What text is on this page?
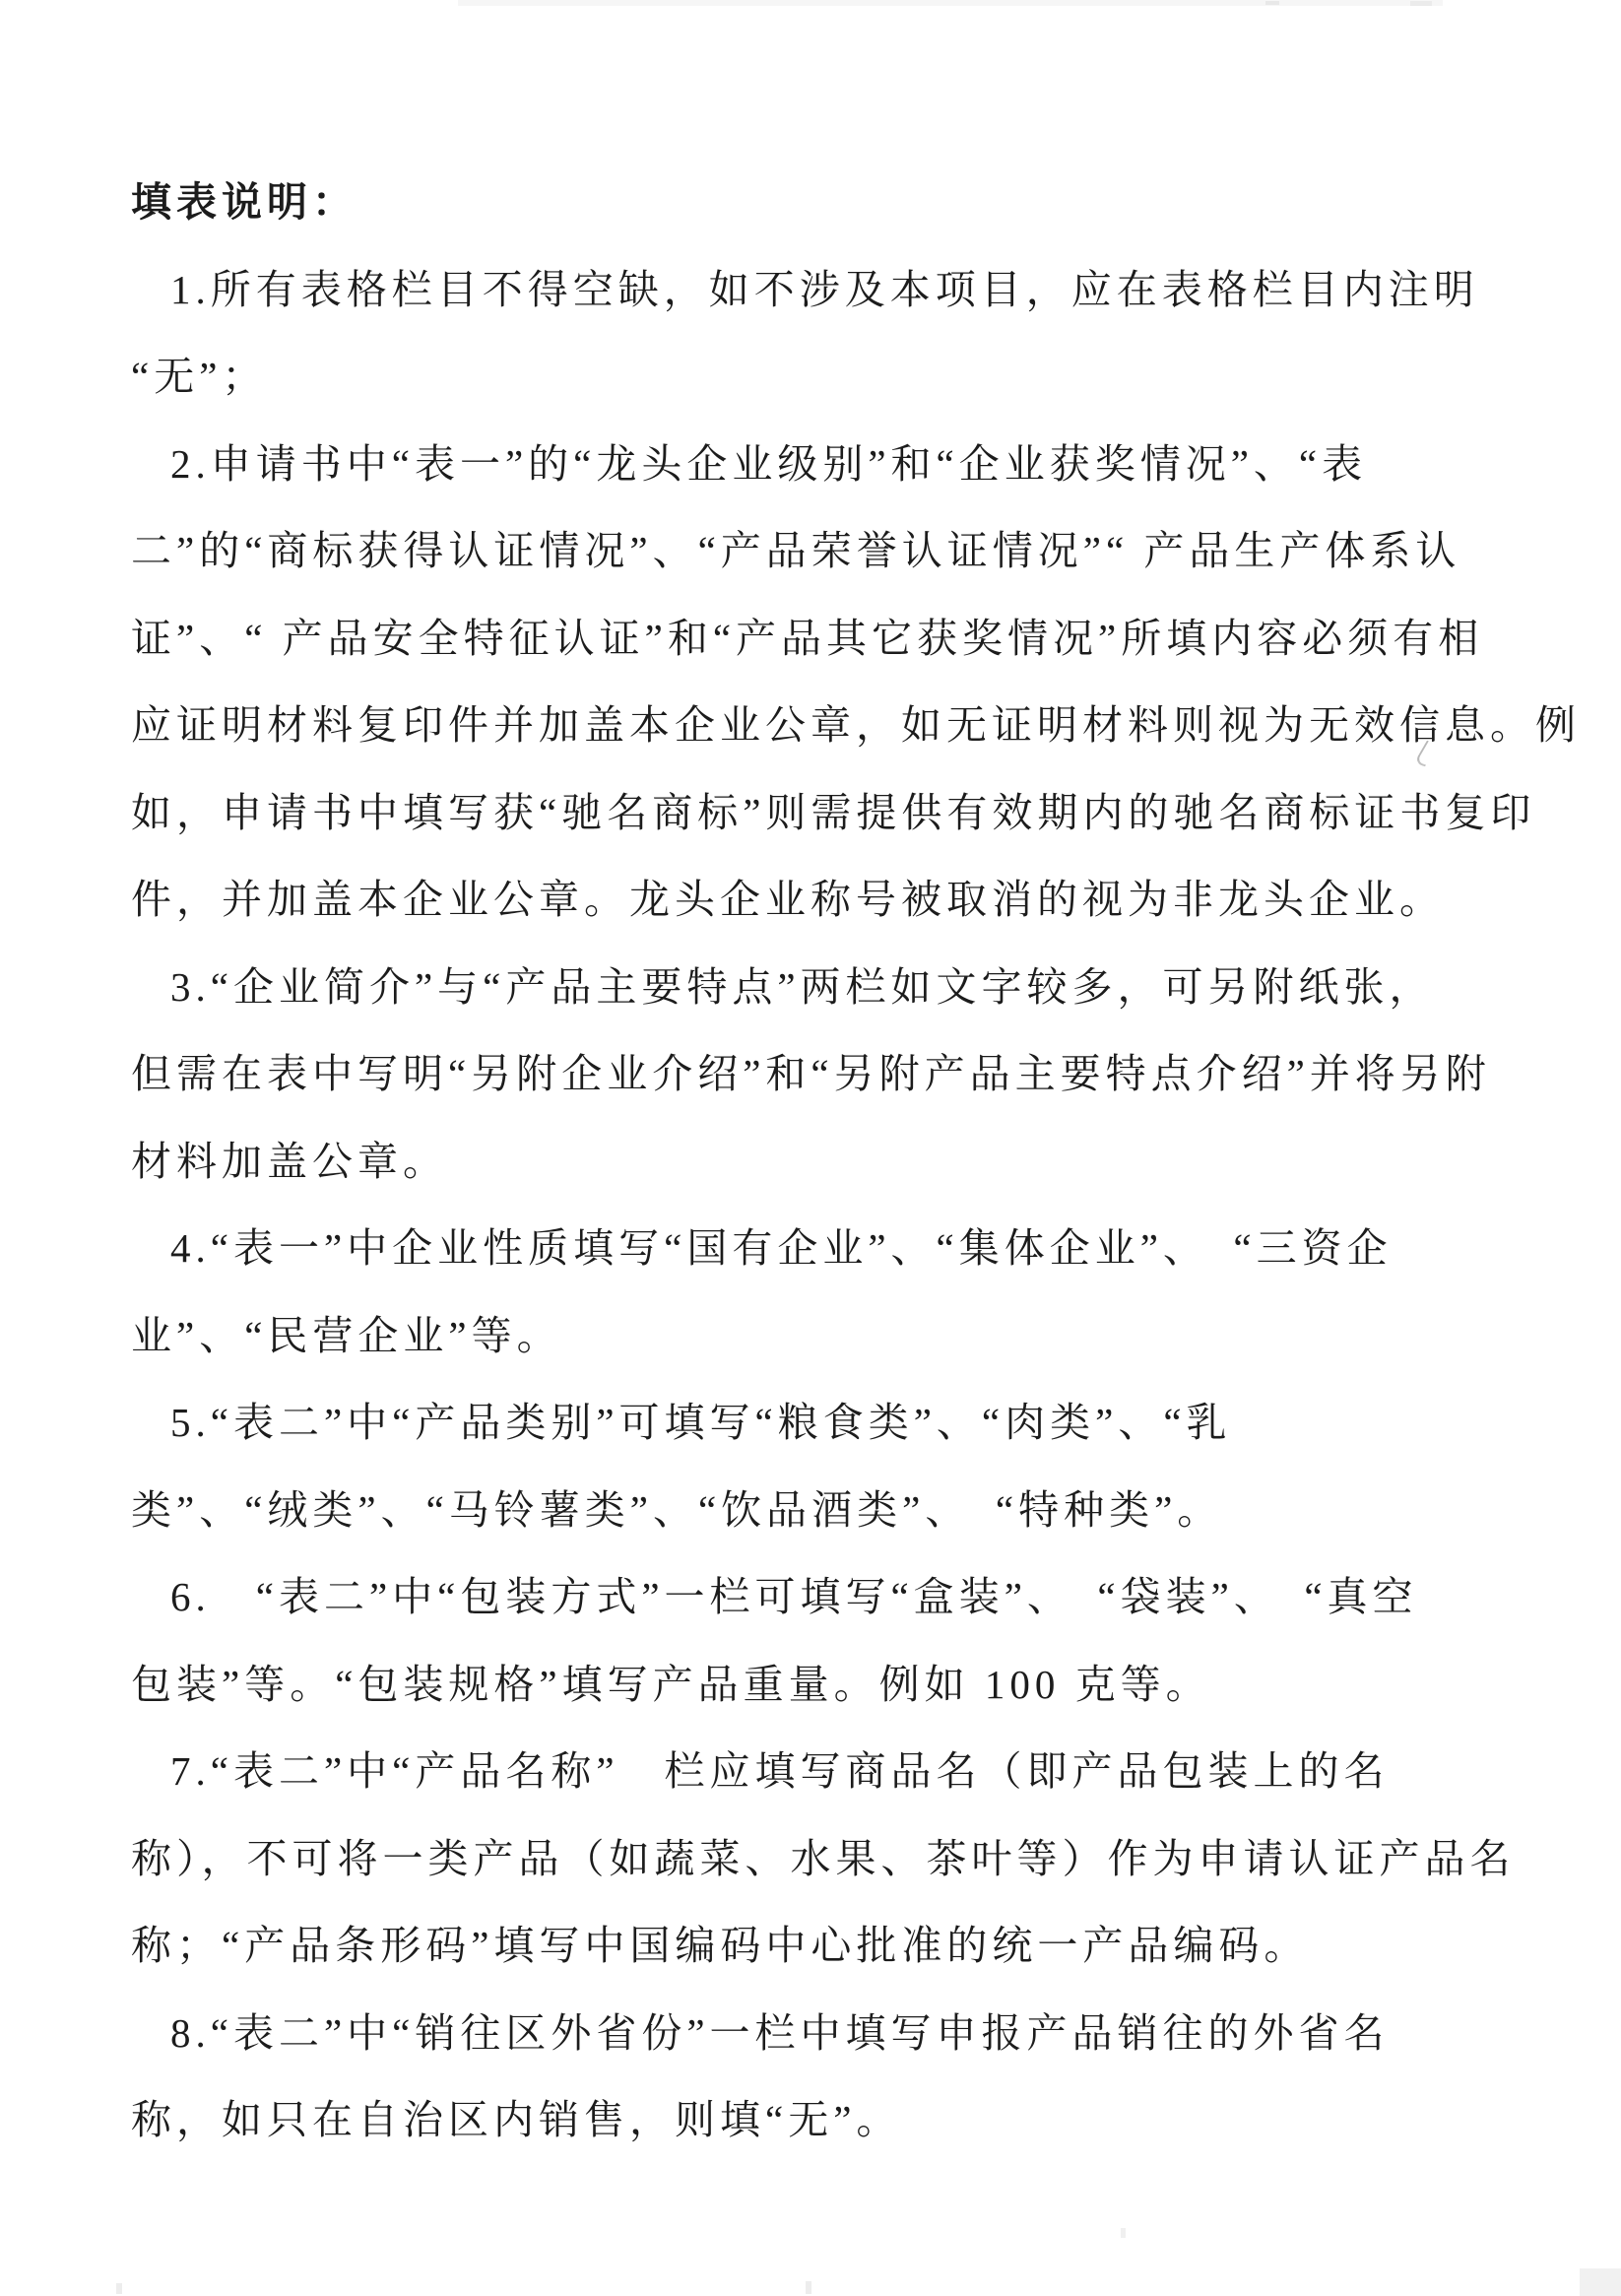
填表说明：
1.所有表格栏目不得空缺，如不涉及本项目，应在表格栏目内注明
“无”；
2.申请书中“表一”的“龙头企业级别”和“企业获奖情况”、“表
二”的“商标获得认证情况”、“产品荣誉认证情况”“ 产品生产体系认
证”、“ 产品安全特征认证”和“产品其它获奖情况”所填内容必须有相
应证明材料复印件并加盖本企业公章，如无证明材料则视为无效信息。例
如，申请书中填写获“驰名商标”则需提供有效期内的驰名商标证书复印
件，并加盖本企业公章。龙头企业称号被取消的视为非龙头企业。
3.“企业简介”与“产品主要特点”两栏如文字较多，可另附纸张，
但需在表中写明“另附企业介绍”和“另附产品主要特点介绍”并将另附
材料加盖公章。
4.“表一”中企业性质填写“国有企业”、“集体企业”、　“三资企
业”、“民营企业”等。
5.“表二”中“产品类别”可填写“粮食类”、“肉类”、“乳
类”、“绒类”、“马铃薯类”、“饮品酒类”、　“特种类”。
6.　“表二”中“包装方式”一栏可填写“盒装”、　“袋装”、　“真空
包装”等。“包装规格”填写产品重量。例如 100 克等。
7.“表二”中“产品名称”　栏应填写商品名（即产品包装上的名
称），不可将一类产品（如蔬菜、水果、茶叶等）作为申请认证产品名
称；“产品条形码”填写中国编码中心批准的统一产品编码。
8.“表二”中“销往区外省份”一栏中填写申报产品销往的外省名
称，如只在自治区内销售，则填“无”。
